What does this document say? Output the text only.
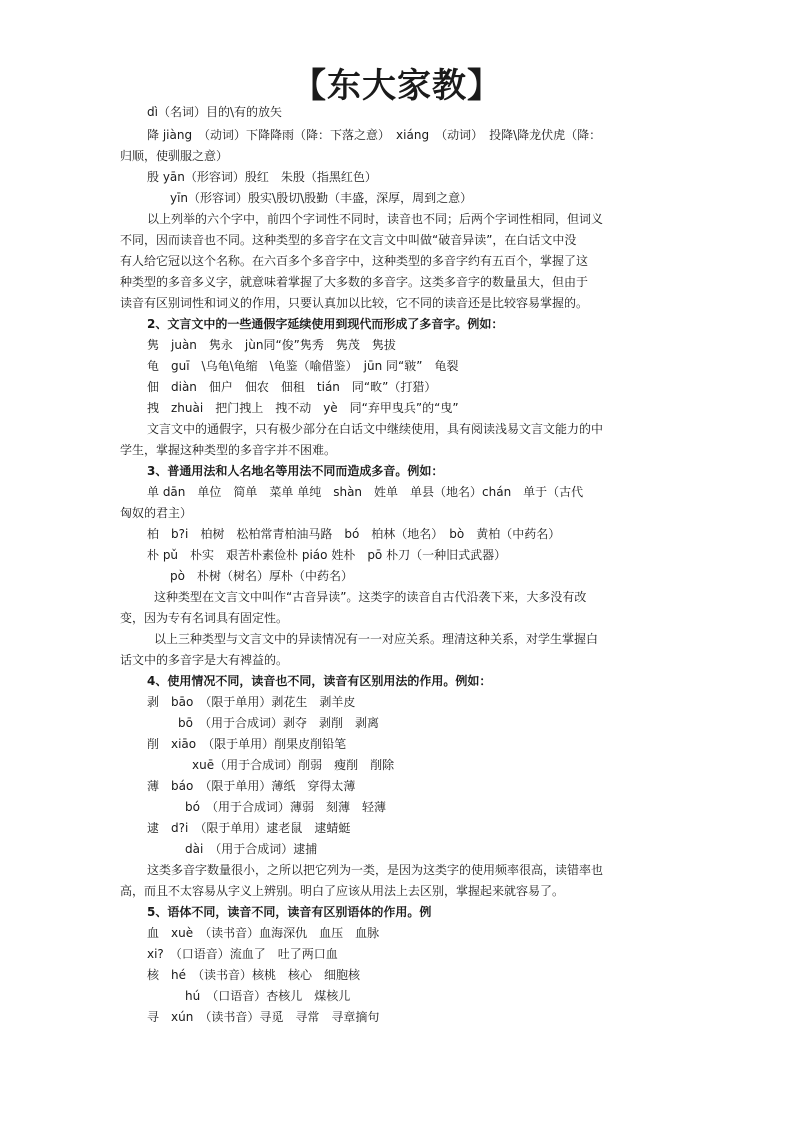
【东大家教】
dì（名词）目的\有的放矢
降 jiàng　（动词）下降降雨（降：下落之意）　xiáng　（动词）　投降\降龙伏虎（降：
归顺，使驯服之意）
殷 yān（形容词）殷红　朱殷（指黑红色）
yīn（形容词）殷实\殷切\殷勤（丰盛，深厚，周到之意）
以上列举的六个字中，前四个字词性不同时，读音也不同；后两个字词性相同，但词义
不同，因而读音也不同。这种类型的多音字在文言文中叫做“破音异读”，在白话文中没
有人给它冠以这个名称。在六百多个多音字中，这种类型的多音字约有五百个，掌握了这
种类型的多音多义字，就意味着掌握了大多数的多音字。这类多音字的数量虽大，但由于
读音有区别词性和词义的作用，只要认真加以比较，它不同的读音还是比较容易掌握的。
2、文言文中的一些通假字延续使用到现代而形成了多音字。例如：
隽　juàn　隽永　jùn同“俊”隽秀　隽茂　隽拔
龟　guī　\乌龟\龟缩　\龟鉴（喻借鉴）　jūn 同“皲”　龟裂
佃　diàn　佃户　佃农　佃租　tián　同“畋”（打猎）
拽　zhuài　把门拽上　拽不动　yè　同“弃甲曳兵”的“曳”
文言文中的通假字，只有极少部分在白话文中继续使用，具有阅读浅易文言文能力的中
学生，掌握这种类型的多音字并不困难。
3、普通用法和人名地名等用法不同而造成多音。例如：
单 dān　单位　简单　菜单 单纯　shàn　姓单　单县（地名）chán　单于（古代
匈奴的君主）
柏　b?i　柏树　松柏常青柏油马路　bó　柏林（地名）　bò　黄柏（中药名）
朴 pǔ　朴实　艰苦朴素俭朴 piáo 姓朴　pō 朴刀（一种旧式武器）
pò　朴树（树名）厚朴（中药名）
这种类型在文言文中叫作“古音异读”。这类字的读音自古代沿袭下来，大多没有改
变，因为专有名词具有固定性。
以上三种类型与文言文中的异读情况有一一对应关系。理清这种关系，对学生掌握白
话文中的多音字是大有裨益的。
4、使用情况不同，读音也不同，读音有区别用法的作用。例如：
剥　bāo　（限于单用）剥花生　剥羊皮
bō　（用于合成词）剥夺　剥削　剥离
削　xiāo　（限于单用）削果皮削铅笔
xuē（用于合成词）削弱　瘦削　削除
薄　báo　（限于单用）薄纸　穿得太薄
bó　（用于合成词）薄弱　刻薄　轻薄
逮　d?i　（限于单用）逮老鼠　逮蜻蜓
dài　（用于合成词）逮捕
这类多音字数量很小，之所以把它列为一类，是因为这类字的使用频率很高，读错率也
高，而且不太容易从字义上辨别。明白了应该从用法上去区别，掌握起来就容易了。
5、语体不同，读音不同，读音有区别语体的作用。例
血　xuè　（读书音）血海深仇　血压　血脉
xi?　（口语音）流血了　吐了两口血
核　hé　（读书音）核桃　核心　细胞核
hú　（口语音）杏核儿　煤核儿
寻　xún　（读书音）寻觅　寻常　寻章摘句
